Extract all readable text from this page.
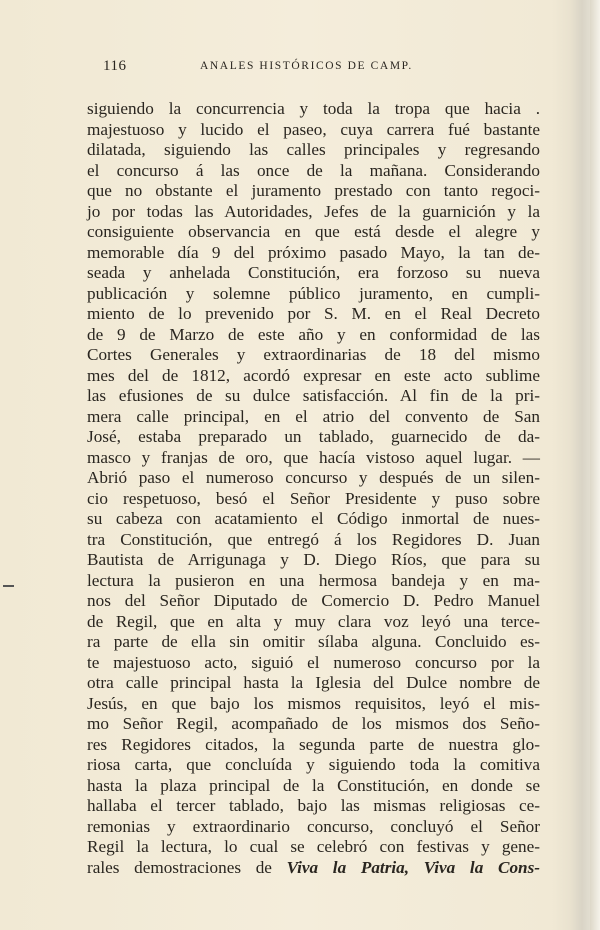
116	ANALES HISTÓRICOS DE CAMP.
siguiendo la concurrencia y toda la tropa que hacia .
majestuoso y lucido el paseo, cuya carrera fué bastante
dilatada, siguiendo las calles principales y regresando
el concurso á las once de la mañana. Considerando
que no obstante el juramento prestado con tanto regoci-
jo por todas las Autoridades, Jefes de la guarnición y la
consiguiente observancia en que está desde el alegre y
memorable día 9 del próximo pasado Mayo, la tan de-
seada y anhelada Constitución, era forzoso su nueva
publicación y solemne público juramento, en cumpli-
miento de lo prevenido por S. M. en el Real Decreto
de 9 de Marzo de este año y en conformidad de las
Cortes Generales y extraordinarias de 18 del mismo
mes del de 1812, acordó expresar en este acto sublime
las efusiones de su dulce satisfacción. Al fin de la pri-
mera calle principal, en el atrio del convento de San
José, estaba preparado un tablado, guarnecido de da-
masco y franjas de oro, que hacía vistoso aquel lugar. —
Abrió paso el numeroso concurso y después de un silen-
cio respetuoso, besó el Señor Presidente y puso sobre
su cabeza con acatamiento el Código inmortal de nues-
tra Constitución, que entregó á los Regidores D. Juan
Bautista de Arrigunaga y D. Diego Ríos, que para su
lectura la pusieron en una hermosa bandeja y en ma-
nos del Señor Diputado de Comercio D. Pedro Manuel
de Regil, que en alta y muy clara voz leyó una terce-
ra parte de ella sin omitir sílaba alguna. Concluido es-
te majestuoso acto, siguió el numeroso concurso por la
otra calle principal hasta la Iglesia del Dulce nombre de
Jesús, en que bajo los mismos requisitos, leyó el mis-
mo Señor Regil, acompañado de los mismos dos Seño-
res Regidores citados, la segunda parte de nuestra glo-
riosa carta, que concluída y siguiendo toda la comitiva
hasta la plaza principal de la Constitución, en donde se
hallaba el tercer tablado, bajo las mismas religiosas ce-
remonias y extraordinario concurso, concluyó el Señor
Regil la lectura, lo cual se celebró con festivas y gene-
rales demostraciones de Viva la Patria, Viva la Cons-
